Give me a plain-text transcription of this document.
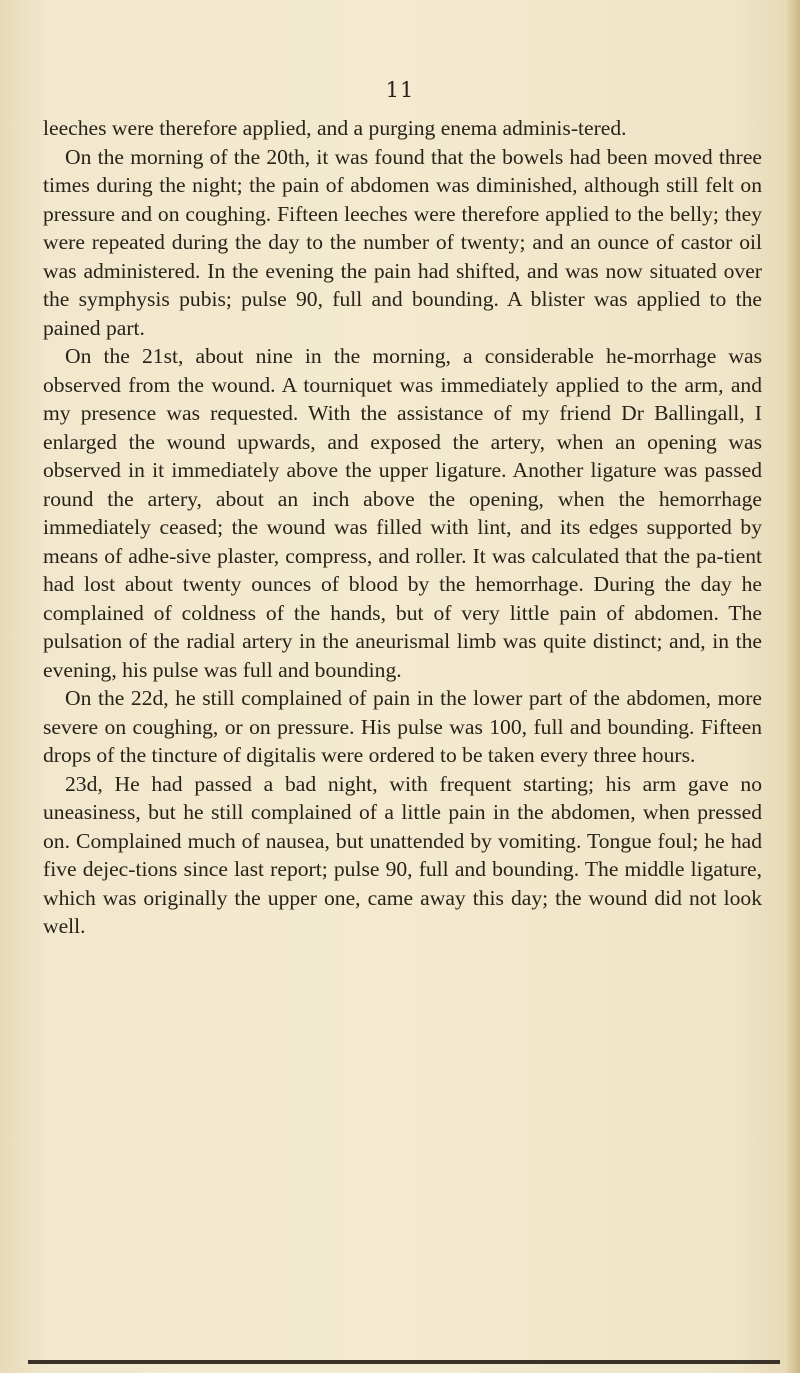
11

leeches were therefore applied, and a purging enema adminis-tered.

On the morning of the 20th, it was found that the bowels had been moved three times during the night; the pain of abdomen was diminished, although still felt on pressure and on coughing. Fifteen leeches were therefore applied to the belly; they were repeated during the day to the number of twenty; and an ounce of castor oil was administered. In the evening the pain had shifted, and was now situated over the symphysis pubis; pulse 90, full and bounding. A blister was applied to the pained part.

On the 21st, about nine in the morning, a considerable he-morrhage was observed from the wound. A tourniquet was immediately applied to the arm, and my presence was requested. With the assistance of my friend Dr Ballingall, I enlarged the wound upwards, and exposed the artery, when an opening was observed in it immediately above the upper ligature. Another ligature was passed round the artery, about an inch above the opening, when the hemorrhage immediately ceased; the wound was filled with lint, and its edges supported by means of adhe-sive plaster, compress, and roller. It was calculated that the pa-tient had lost about twenty ounces of blood by the hemorrhage. During the day he complained of coldness of the hands, but of very little pain of abdomen. The pulsation of the radial artery in the aneurismal limb was quite distinct; and, in the evening, his pulse was full and bounding.

On the 22d, he still complained of pain in the lower part of the abdomen, more severe on coughing, or on pressure. His pulse was 100, full and bounding. Fifteen drops of the tincture of digitalis were ordered to be taken every three hours.

23d, He had passed a bad night, with frequent starting; his arm gave no uneasiness, but he still complained of a little pain in the abdomen, when pressed on. Complained much of nausea, but unattended by vomiting. Tongue foul; he had five dejec-tions since last report; pulse 90, full and bounding. The middle ligature, which was originally the upper one, came away this day; the wound did not look well.
